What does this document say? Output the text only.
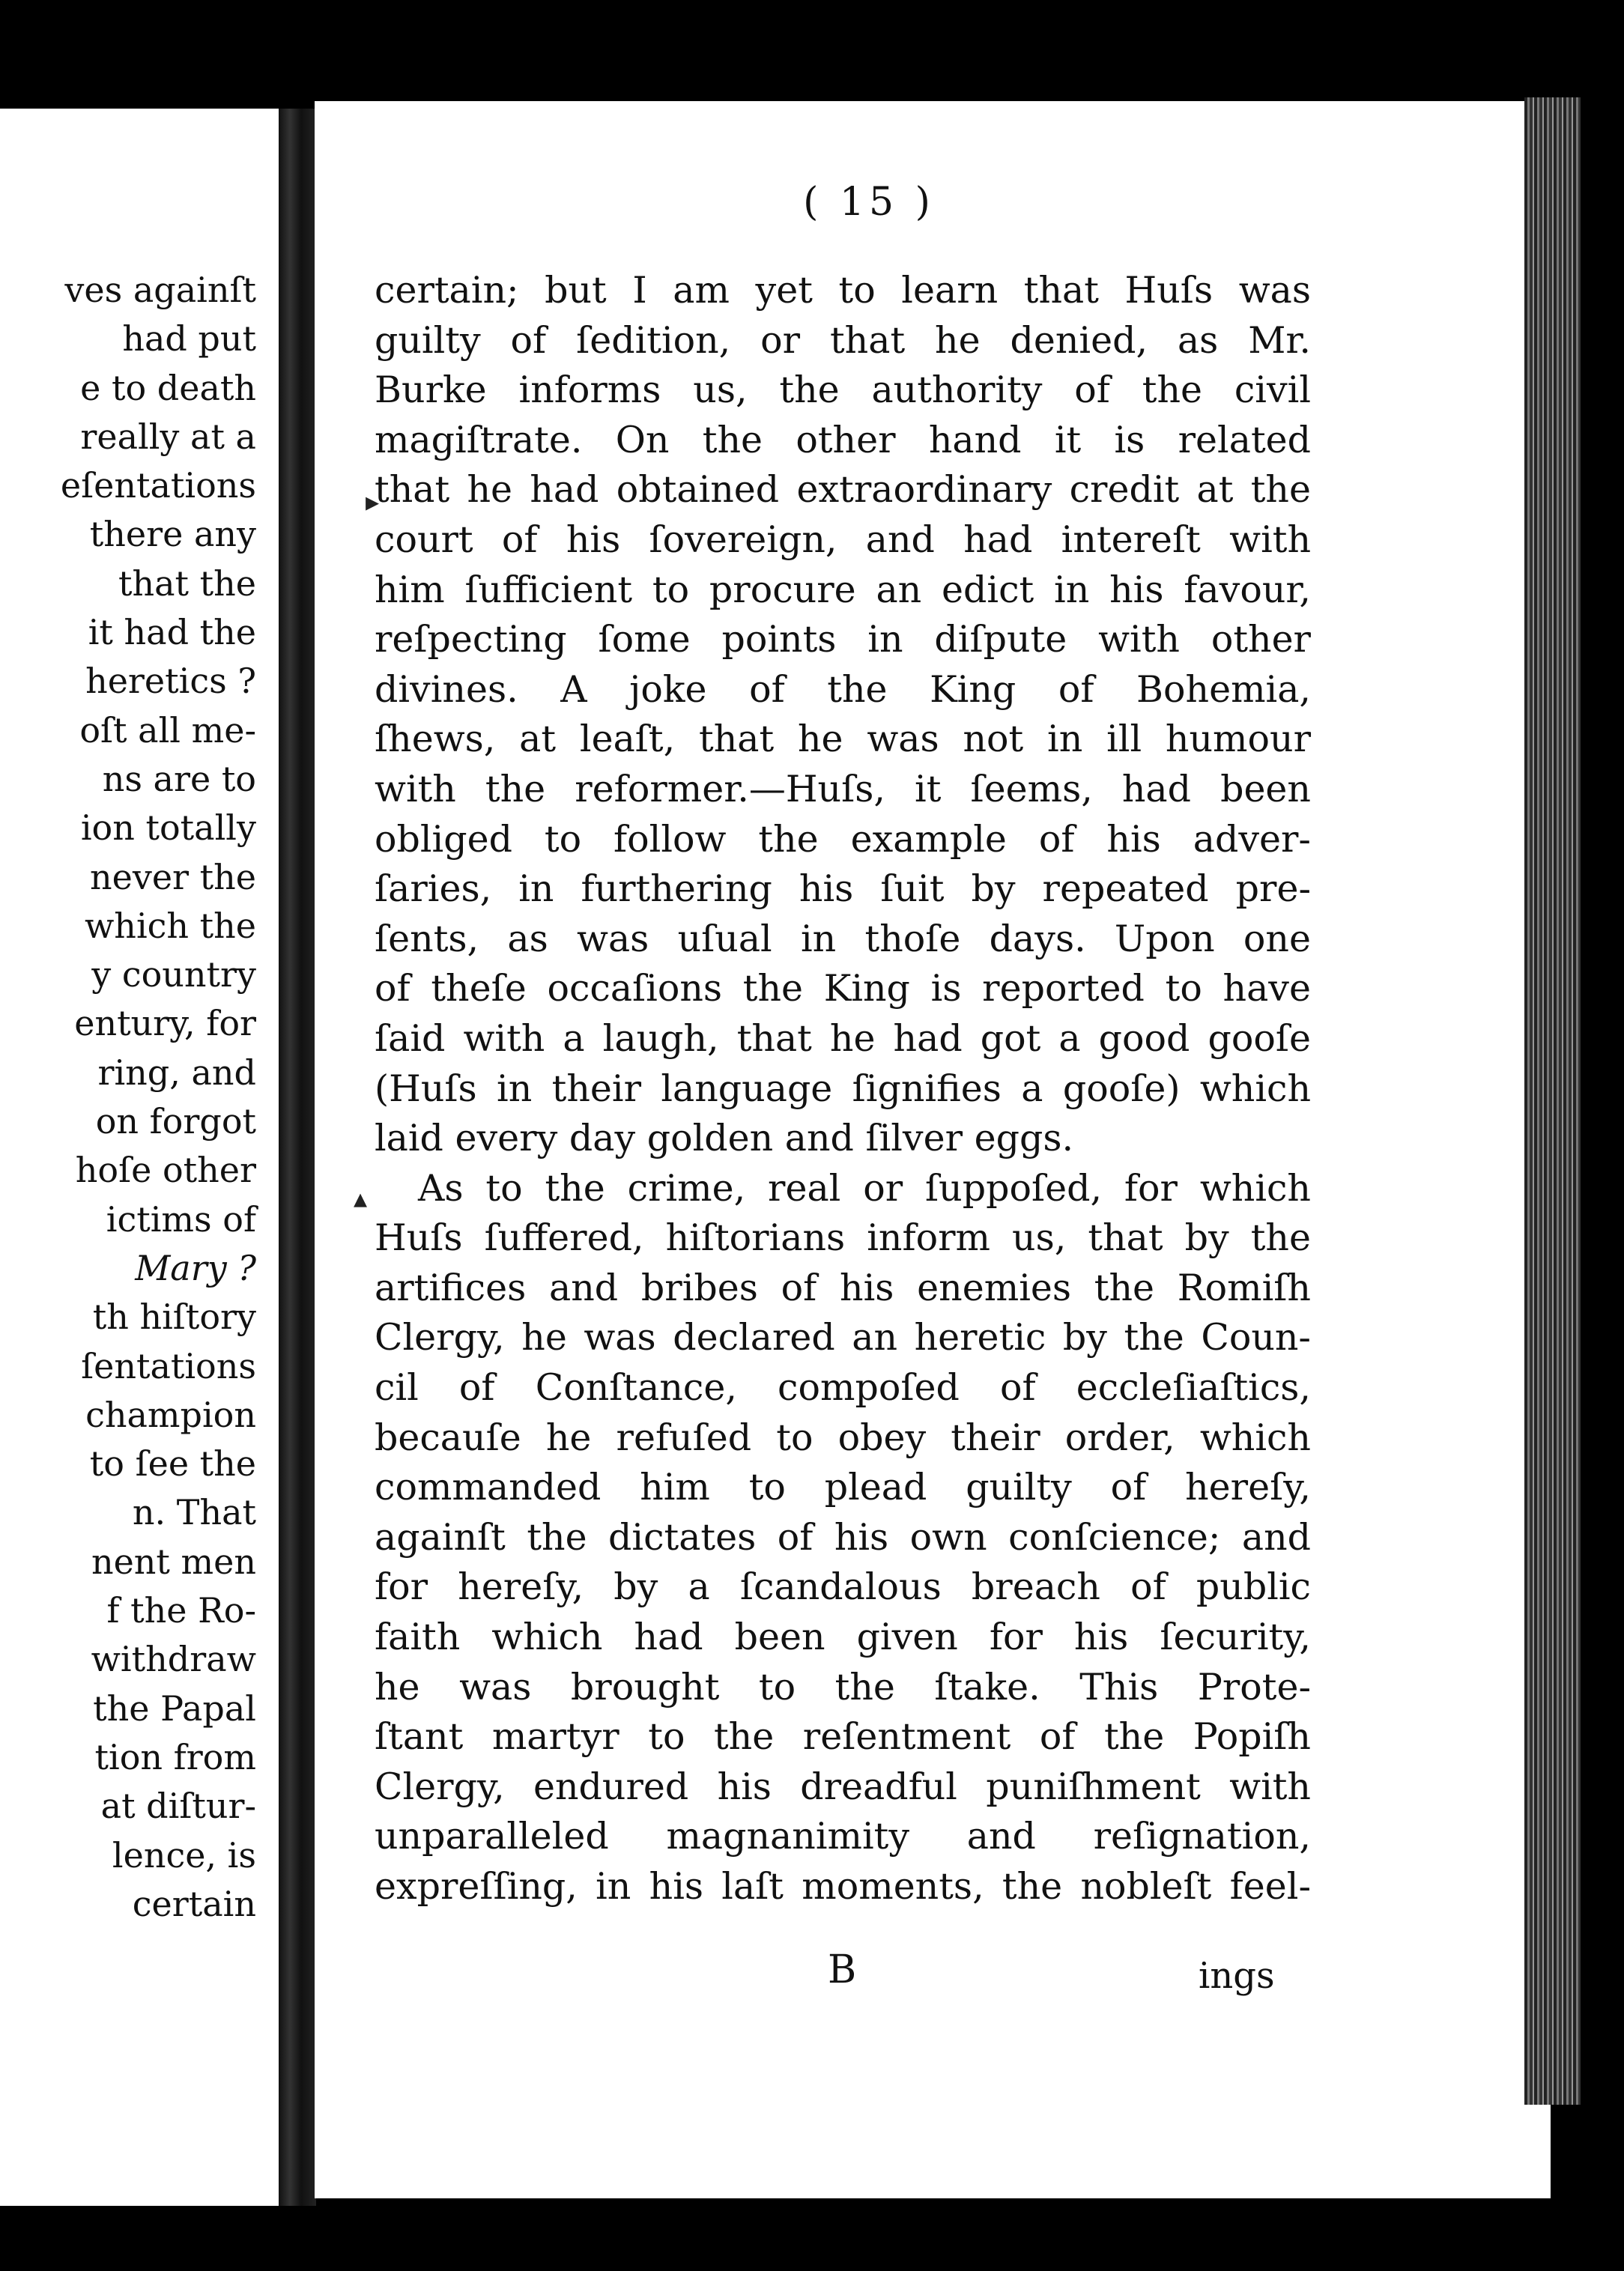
ves againſt
had put
e to death
really at a
eſentations
there any
that the
it had the
heretics ?
oſt all me-
ns are to
ion totally
never the
which the
y country
entury, for
ring, and
on forgot
hoſe other
ictims of
Mary ?
th hiſtory
ſentations
champion
to ſee the
n. That
nent men
f the Ro-
withdraw
the Papal
tion from
at diſtur-
lence, is
certain
( 15 )
certain; but I am yet to learn that Huſs was
guilty of ſedition, or that he denied, as Mr.
Burke informs us, the authority of the civil
magiſtrate. On the other hand it is related
that he had obtained extraordinary credit at the
court of his ſovereign, and had intereſt with
him ſufficient to procure an edict in his favour,
reſpecting ſome points in diſpute with other
divines. A joke of the King of Bohemia,
ſhews, at leaſt, that he was not in ill humour
with the reformer.—Huſs, it ſeems, had been
obliged to follow the example of his adver-
ſaries, in furthering his ſuit by repeated pre-
ſents, as was uſual in thoſe days. Upon one
of theſe occaſions the King is reported to have
ſaid with a laugh, that he had got a good gooſe
(Huſs in their language ſignifies a gooſe) which
laid every day golden and ſilver eggs.
As to the crime, real or ſuppoſed, for which
Huſs ſuffered, hiſtorians inform us, that by the
artifices and bribes of his enemies the Romiſh
Clergy, he was declared an heretic by the Coun-
cil of Conſtance, compoſed of eccleſiaſtics,
becauſe he refuſed to obey their order, which
commanded him to plead guilty of hereſy,
againſt the dictates of his own conſcience; and
for hereſy, by a ſcandalous breach of public
faith which had been given for his ſecurity,
he was brought to the ſtake. This Prote-
ſtant martyr to the reſentment of the Popiſh
Clergy, endured his dreadful puniſhment with
unparalleled magnanimity and reſignation,
expreſſing, in his laſt moments, the nobleſt feel-
B	ings
▸
▴
